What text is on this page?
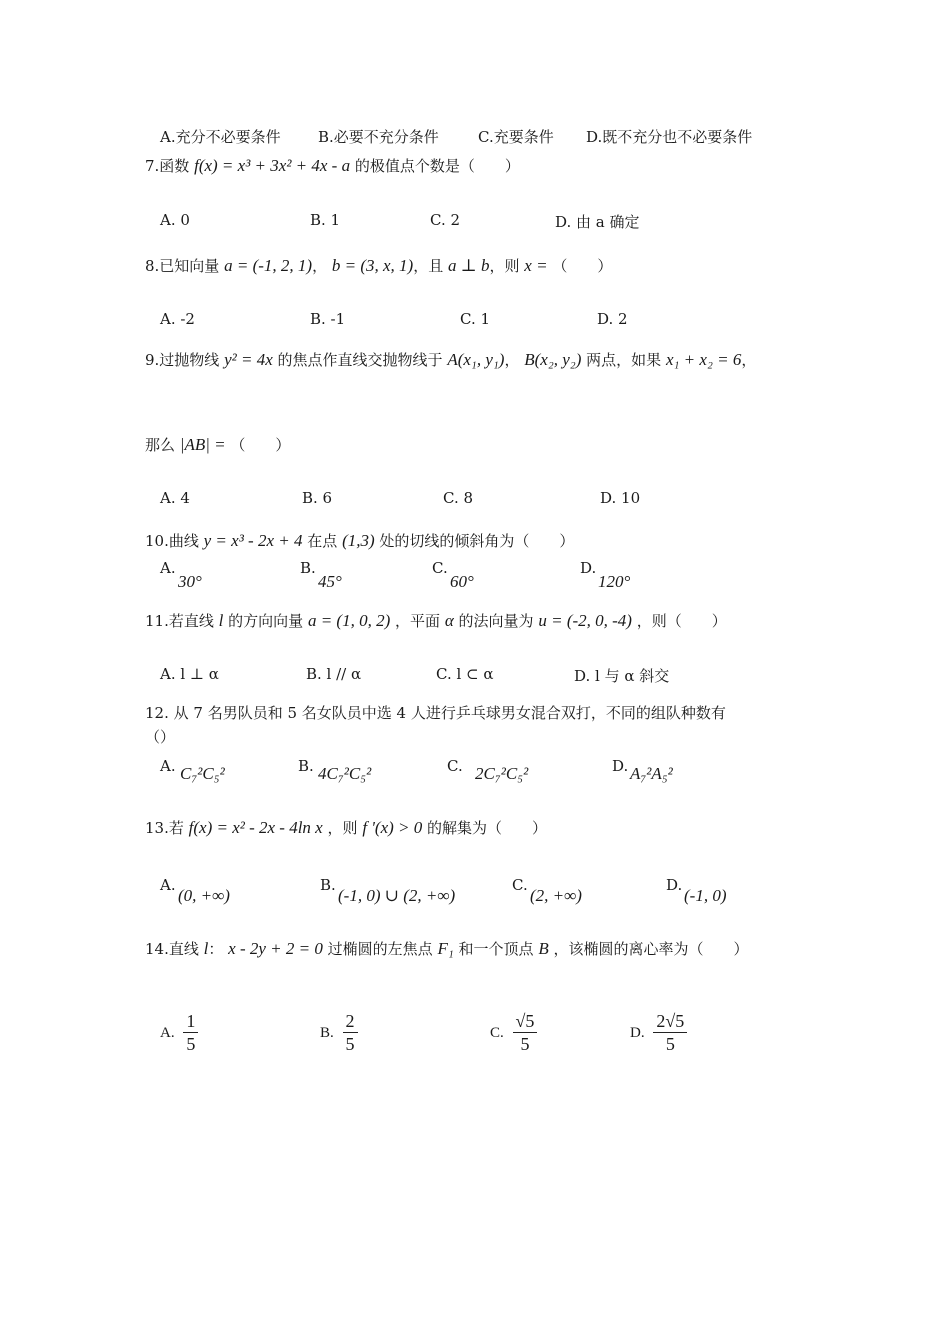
A.充分不必要条件 B.必要不充分条件	C.充要条件 D.既不充分也不必要条件
7.函数 f(x) = x³ + 3x² + 4x - a 的极值点个数是（　　）
A. 0	B. 1	C. 2	D. 由 a 确定
8.已知向量 a = (-1, 2, 1)， b = (3, x, 1)，且 a ⊥ b，则 x = （　　）
A. -2	B. -1	C. 1	D. 2
9.过抛物线 y² = 4x 的焦点作直线交抛物线于 A(x₁, y₁)， B(x₂, y₂) 两点，如果 x₁ + x₂ = 6，
那么 |AB| = （　　）
A. 4	B. 6	C. 8	D. 10
10.曲线 y = x³ - 2x + 4 在点 (1,3) 处的切线的倾斜角为（　　）
A.
30°
B.
45°
C.
60°
D.
120°
11.若直线 l 的方向向量 a = (1, 0, 2) ，平面 α 的法向量为 u = (-2, 0, -4) ，则（　　）
A. l ⊥ α	B. l // α	C. l ⊂ α	D. l 与 α 斜交
12. 从 7 名男队员和 5 名女队员中选 4 人进行乒乓球男女混合双打，不同的组队种数有
（）
A. C₇²C₅²	B. 4C₇²C₅²	C. 2C₇²C₅²	D. A₇²A₅²
13.若 f(x) = x² - 2x - 4ln x ，则 f '(x) > 0 的解集为（　　）
A.
(0, +∞)
B.
(-1, 0) ∪ (2, +∞)
C.
(2, +∞)
D.
(-1, 0)
14.直线 l： x - 2y + 2 = 0 过椭圆的左焦点 F₁ 和一个顶点 B ，该椭圆的离心率为（　　）
A. $\frac{1}{5}$	B. $\frac{2}{5}$	C. $\frac{√5}{5}$	D. $\frac{2√5}{5}$
